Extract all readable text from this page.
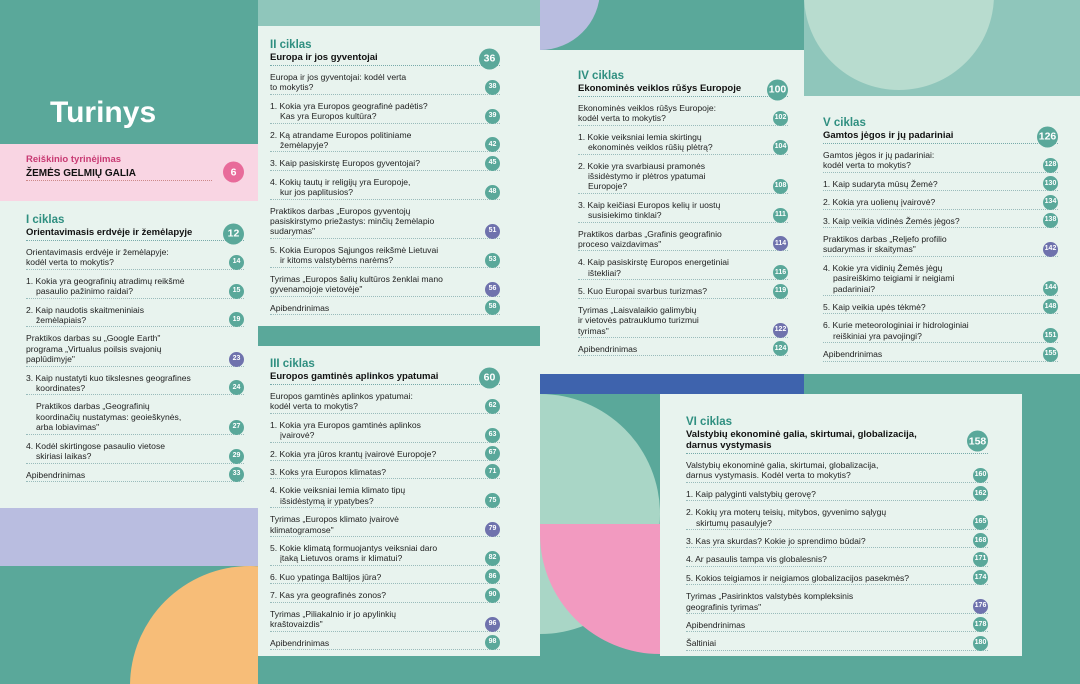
Turinys
Reiškinio tyrinėjimas
ŽEMĖS GELMIŲ GALIA	6
I ciklas
Orientavimasis erdvėje ir žemėlapyje	12
Orientavimasis erdvėje ir žemėlapyje:
kodėl verta to mokytis?	14
1. Kokia yra geografinių atradimų reikšmė
pasaulio pažinimo raidai?	15
2. Kaip naudotis skaitmeniniais
žemėlapiais?	19
Praktikos darbas su „Google Earth"
programa „Virtualus poilsis svajonių
paplūdimyje"	23
3. Kaip nustatyti kuo tikslesnes geografines
koordinates?	24
Praktikos darbas „Geografinių
koordinačių nustatymas: geoieškynės,
arba lobiavimas"	27
4. Kodėl skirtingose pasaulio vietose
skiriasi laikas?	29
Apibendrinimas	33
II ciklas
Europa ir jos gyventojai	36
Europa ir jos gyventojai: kodėl verta
to mokytis?	38
1. Kokia yra Europos geografinė padėtis?
Kas yra Europos kultūra?	39
2. Ką atrandame Europos politiniame
žemėlapyje?	42
3. Kaip pasiskirstę Europos gyventojai?	45
4. Kokių tautų ir religijų yra Europoje,
kur jos paplitusios?	48
Praktikos darbas „Europos gyventojų
pasiskirstymo priežastys: minčių žemėlapio
sudarymas"	51
5. Kokia Europos Sąjungos reikšmė Lietuvai
ir kitoms valstybėms narėms?	53
Tyrimas „Europos šalių kultūros ženklai mano
gyvenamojoje vietovėje"	56
Apibendrinimas	58
III ciklas
Europos gamtinės aplinkos ypatumai	60
Europos gamtinės aplinkos ypatumai:
kodėl verta to mokytis?	62
1. Kokia yra Europos gamtinės aplinkos
įvairovė?	63
2. Kokia yra jūros krantų įvairovė Europoje?	67
3. Koks yra Europos klimatas?	71
4. Kokie veiksniai lemia klimato tipų
išsidėstymą ir ypatybes?	75
Tyrimas „Europos klimato įvairovė
klimatogramose"	79
5. Kokie klimatą formuojantys veiksniai daro
įtaką Lietuvos orams ir klimatui?	82
6. Kuo ypatinga Baltijos jūra?	86
7. Kas yra geografinės zonos?	90
Tyrimas „Piliakalnio ir jo apylinkių
kraštovaizdis"	96
Apibendrinimas	98
IV ciklas
Ekonominės veiklos rūšys Europoje	100
Ekonominės veiklos rūšys Europoje:
kodėl verta to mokytis?	102
1. Kokie veiksniai lemia skirtingų
ekonominės veiklos rūšių plėtrą?	104
2. Kokie yra svarbiausi pramonės
išsidėstymo ir plėtros ypatumai
Europoje?	108
3. Kaip keičiasi Europos kelių ir uostų
susisiekimo tinklai?	111
Praktikos darbas „Grafinis geografinio
proceso vaizdavimas"	114
4. Kaip pasiskirstę Europos energetiniai
ištekliai?	116
5. Kuo Europai svarbus turizmas?	119
Tyrimas „Laisvalaikio galimybių
ir vietovės patrauklumo turizmui
tyrimas"	122
Apibendrinimas	124
V ciklas
Gamtos jėgos ir jų padariniai	126
Gamtos jėgos ir jų padariniai:
kodėl verta to mokytis?	128
1. Kaip sudaryta mūsų Žemė?	130
2. Kokia yra uolienų įvairovė?	134
3. Kaip veikia vidinės Žemės jėgos?	138
Praktikos darbas „Reljefo profilio
sudarymas ir skaitymas"	142
4. Kokie yra vidinių Žemės jėgų
pasireiškimo teigiami ir neigiami
padariniai?	144
5. Kaip veikia upės tėkmė?	148
6. Kurie meteorologiniai ir hidrologiniai
reiškiniai yra pavojingi?	151
Apibendrinimas	155
VI ciklas
Valstybių ekonominė galia, skirtumai, globalizacija,
darnus vystymasis	158
Valstybių ekonominė galia, skirtumai, globalizacija,
darnus vystymasis. Kodėl verta to mokytis?	160
1. Kaip palyginti valstybių gerovę?	162
2. Kokių yra moterų teisių, mitybos, gyvenimo sąlygų
skirtumų pasaulyje?	165
3. Kas yra skurdas? Kokie jo sprendimo būdai?	168
4. Ar pasaulis tampa vis globalesnis?	171
5. Kokios teigiamos ir neigiamos globalizacijos pasekmės?	174
Tyrimas „Pasirinktos valstybės kompleksinis
geografinis tyrimas"	176
Apibendrinimas	178
Šaltiniai	180
